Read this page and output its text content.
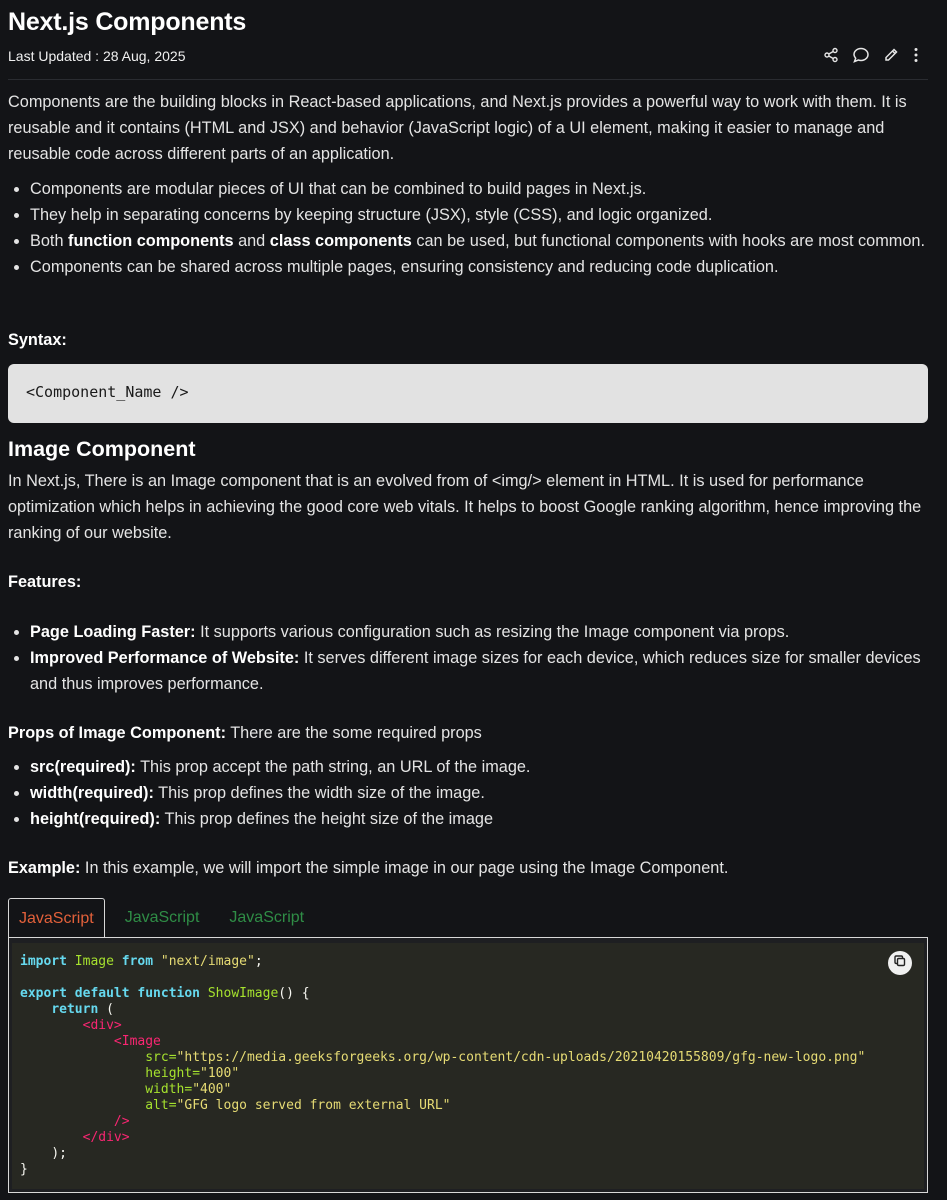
Next.js Components
Last Updated : 28 Aug, 2025

Components are the building blocks in React-based applications, and Next.js provides a powerful way to work with them. It is reusable and it contains (HTML and JSX) and behavior (JavaScript logic) of a UI element, making it easier to manage and reusable code across different parts of an application.

• Components are modular pieces of UI that can be combined to build pages in Next.js.
• They help in separating concerns by keeping structure (JSX), style (CSS), and logic organized.
• Both function components and class components can be used, but functional components with hooks are most common.
• Components can be shared across multiple pages, ensuring consistency and reducing code duplication.

Syntax:

<Component_Name />
Image Component

In Next.js, There is an Image component that is an evolved from of <img/> element in HTML. It is used for performance optimization which helps in achieving the good core web vitals. It helps to boost Google ranking algorithm, hence improving the ranking of our website.

Features:

• Page Loading Faster: It supports various configuration such as resizing the Image component via props.
• Improved Performance of Website: It serves different image sizes for each device, which reduces size for smaller devices and thus improves performance.

Props of Image Component: There are the some required props

• src(required): This prop accept the path string, an URL of the image.
• width(required): This prop defines the width size of the image.
• height(required): This prop defines the height size of the image

Example: In this example, we will import the simple image in our page using the Image Component.

JavaScript	JavaScript	JavaScript
import Image from "next/image";

export default function ShowImage() {
return (
<div>
<Image
src="https://media.geeksforgeeks.org/wp-content/cdn-uploads/20210420155809/gfg-new-logo.png"
height="100"
width="400"
alt="GFG logo served from external URL"
/>
</div>
);
}
